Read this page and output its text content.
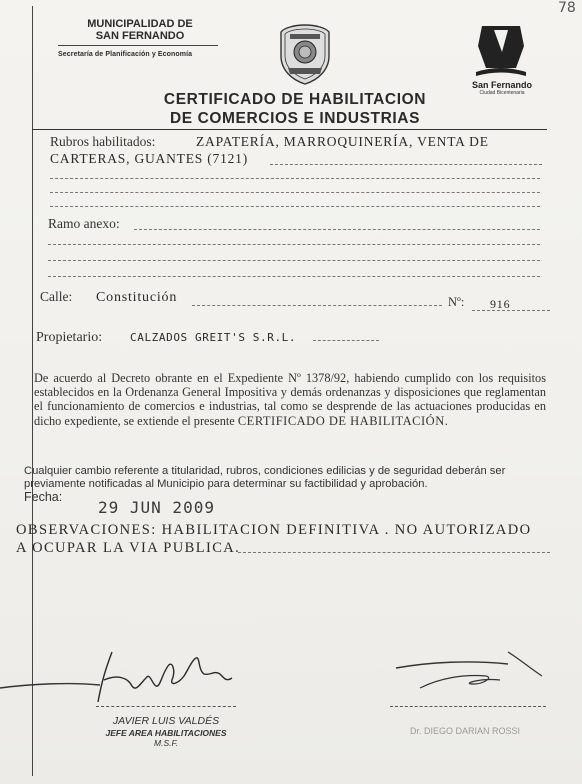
78
MUNICIPALIDAD DE
SAN FERNANDO
Secretaría de Planificación y Economía
San Fernando
Ciudad Bicentenaria
CERTIFICADO DE HABILITACION
DE COMERCIOS E INDUSTRIAS
Rubros habilitados:	ZAPATERÍA, MARROQUINERÍA, VENTA DE
CARTERAS, GUANTES (7121)
Ramo anexo:
Calle: Constitución	Nº: 916
Propietario:	CALZADOS GREIT'S S.R.L.
De acuerdo al Decreto obrante en el Expediente Nº 1378/92, habiendo cumplido con los requisitos establecidos en la Ordenanza General Impositiva y demás ordenanzas y disposiciones que reglamentan el funcionamiento de comercios e industrias, tal como se desprende de las actuaciones producidas en dicho expediente, se extiende el presente CERTIFICADO DE HABILITACIÓN.
Cualquier cambio referente a titularidad, rubros, condiciones edilicias y de seguridad deberán ser previamente notificadas al Municipio para determinar su factibilidad y aprobación.
Fecha:
29 JUN 2009
OBSERVACIONES: HABILITACION DEFINITIVA . NO AUTORIZADO
A OCUPAR LA VIA PUBLICA.
JAVIER LUIS VALDÉS
JEFE AREA HABILITACIONES
M.S.F.
Dr. DIEGO DARIAN ROSSI
